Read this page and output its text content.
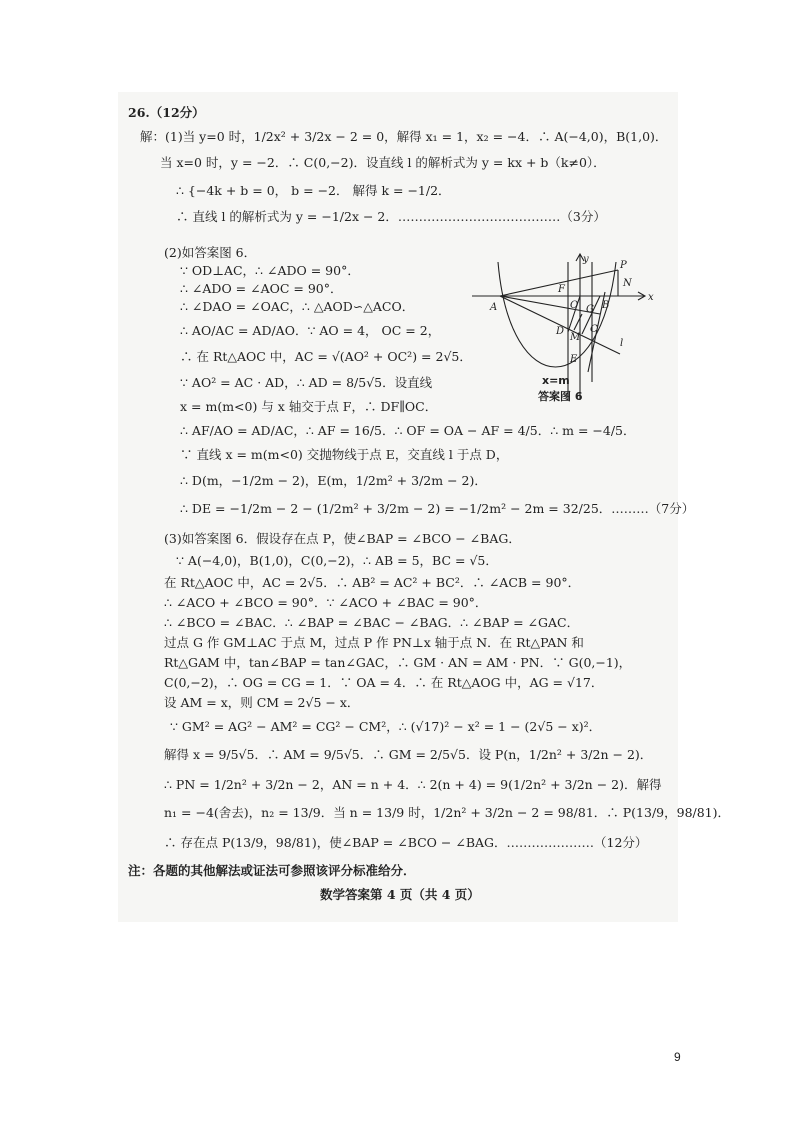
26.（12分）
解：(1)当 y=0 时，1/2x² + 3/2x − 2 = 0，解得 x₁ = 1，x₂ = −4．∴ A(−4,0)，B(1,0)．
当 x=0 时，y = −2．∴ C(0,−2)．设直线 l 的解析式为 y = kx + b（k≠0）．
∴ {−4k + b = 0， b = −2． 解得 k = −1/2．
∴ 直线 l 的解析式为 y = −1/2x − 2．…………………………………（3分）
(2)如答案图 6．
∵ OD⊥AC，∴ ∠ADO = 90°．
∴ ∠ADO = ∠AOC = 90°．
∴ ∠DAO = ∠OAC，∴ △AOD∽△ACO．
∴ AO/AC = AD/AO．∵ AO = 4， OC = 2，
∴ 在 Rt△AOC 中，AC = √(AO² + OC²) = 2√5．
∵ AO² = AC · AD，∴ AD = 8/5√5．设直线
x = m(m<0) 与 x 轴交于点 F，∴ DF∥OC．
∴ AF/AO = AD/AC，∴ AF = 16/5．∴ OF = OA − AF = 4/5．∴ m = −4/5．
∵ 直线 x = m(m<0) 交抛物线于点 E，交直线 l 于点 D，
∴ D(m，−1/2m − 2)，E(m，1/2m² + 3/2m − 2)．
∴ DE = −1/2m − 2 − (1/2m² + 3/2m − 2) = −1/2m² − 2m = 32/25．………（7分）
(3)如答案图 6．假设存在点 P，使∠BAP = ∠BCO − ∠BAG．
∵ A(−4,0)，B(1,0)，C(0,−2)，∴ AB = 5，BC = √5．
在 Rt△AOC 中，AC = 2√5．∴ AB² = AC² + BC²．∴ ∠ACB = 90°．
∴ ∠ACO + ∠BCO = 90°．∵ ∠ACO + ∠BAC = 90°．
∴ ∠BCO = ∠BAC．∴ ∠BAP = ∠BAC − ∠BAG．∴ ∠BAP = ∠GAC．
过点 G 作 GM⊥AC 于点 M，过点 P 作 PN⊥x 轴于点 N．在 Rt△PAN 和
Rt△GAM 中，tan∠BAP = tan∠GAC，∴ GM · AN = AM · PN．∵ G(0,−1)，
C(0,−2)，∴ OG = CG = 1．∵ OA = 4．∴ 在 Rt△AOG 中，AG = √17．
设 AM = x，则 CM = 2√5 − x．
∵ GM² = AG² − AM² = CG² − CM²，∴ (√17)² − x² = 1 − (2√5 − x)²．
解得 x = 9/5√5．∴ AM = 9/5√5．∴ GM = 2/5√5．设 P(n，1/2n² + 3/2n − 2)．
∴ PN = 1/2n² + 3/2n − 2，AN = n + 4．∴ 2(n + 4) = 9(1/2n² + 3/2n − 2)．解得
n₁ = −4(舍去)，n₂ = 13/9．当 n = 13/9 时，1/2n² + 3/2n − 2 = 98/81．∴ P(13/9，98/81)．
∴ 存在点 P(13/9，98/81)，使∠BAP = ∠BCO − ∠BAG．…………………（12分）
注：各题的其他解法或证法可参照该评分标准给分．
数学答案第 4 页（共 4 页）
y
x
P
N
F
O G B
A
D
M
C
E
l
x=m
答案图 6
9
